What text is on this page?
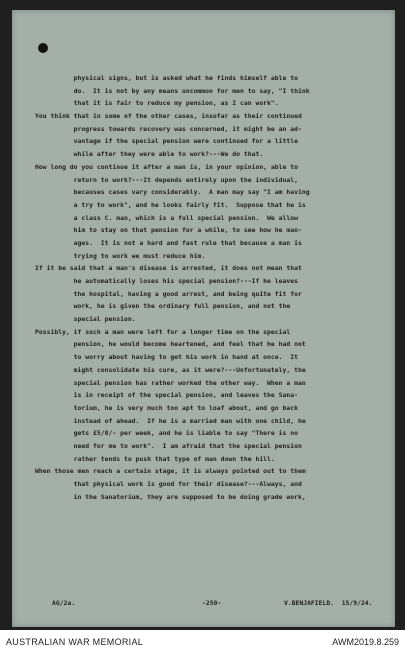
physical signs, but is asked what he finds himself able to
do.  It is not by any means uncommon for men to say, "I think
that it is fair to reduce my pension, as I can work".
You think that in some of the other cases, insofar as their continued
progress towards recovery was concerned, it might be an ad-
vantage if the special pension were continued for a little
while after they were able to work?---We do that.
How long do you continue it after a man is, in your opinion, able to
return to work?---It depends entirely upon the individual,
becauses cases vary considerably.  A man may say "I am having
a try to work", and he looks fairly fit.  Suppose that he is
a class C. man, which is a full special pension.  We allow
him to stay on that pension for a while, to see how he man-
ages.  It is not a hard and fast rule that because a man is
trying to work we must reduce him.
If it be said that a man's disease is arrested, it does not mean that
he automatically loses his special pension?---If he leaves
the hospital, having a good arrest, and being quite fit for
work, he is given the ordinary full pension, and not the
special pension.
Possibly, if such a man were left for a longer time on the special
pension, he would become heartened, and feel that he had not
to worry about having to get his work in hand at once.  It
might consolidate his cure, as it were?---Unfortunately, the
special pension has rather worked the other way.  When a man
is in receipt of the special pension, and leaves the Sana-
torium, he is very much too apt to loaf about, and go back
instead of ahead.  If he is a married man with one child, he
gets £5/8/- per week, and he is liable to say "There is no
need for me to work".  I am afraid that the special pension
rather tends to push that type of man down the hill.
When those men reach a certain stage, it is always pointed out to them
that physical work is good for their disease?---Always, and
in the Sanatorium, they are supposed to be doing grade work,
AG/2a.	-250-	V.BENJAFIELD.  15/9/24.
AUSTRALIAN WAR MEMORIAL	AWM2019.8.259
